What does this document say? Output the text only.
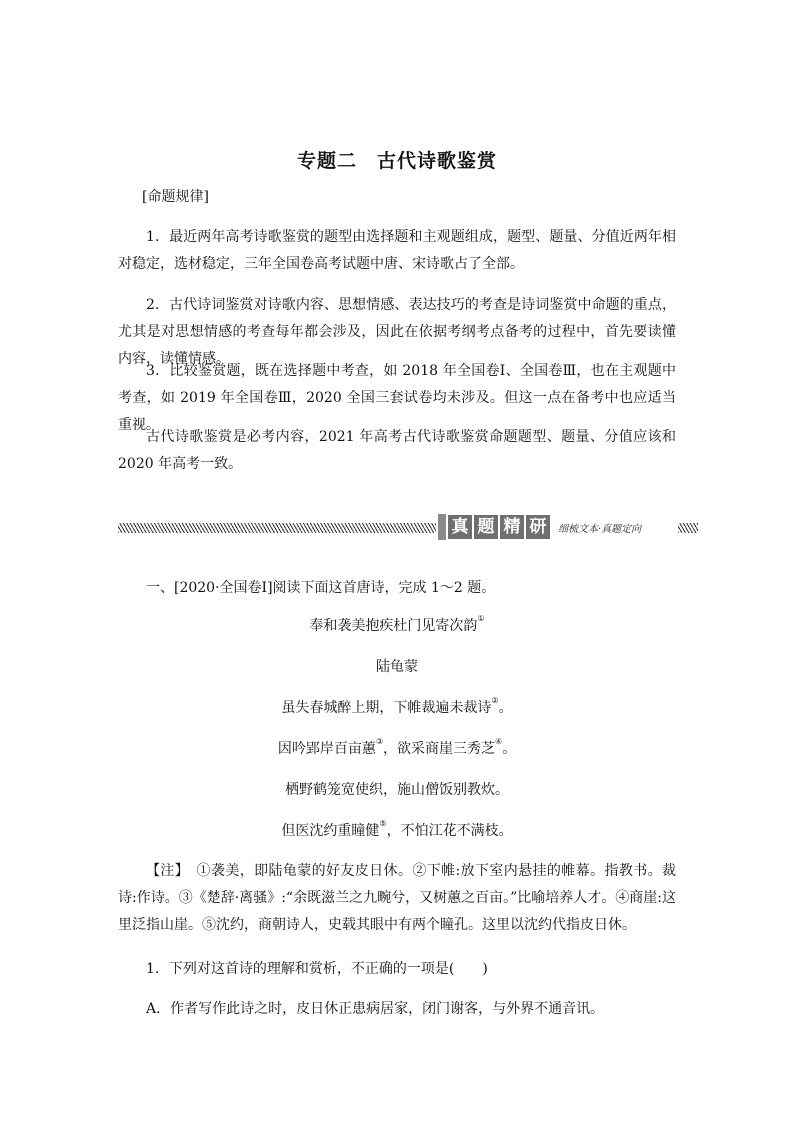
专题二　古代诗歌鉴赏

[命题规律]

1．最近两年高考诗歌鉴赏的题型由选择题和主观题组成，题型、题量、分值近两年相对稳定，选材稳定，三年全国卷高考试题中唐、宋诗歌占了全部。

2．古代诗词鉴赏对诗歌内容、思想情感、表达技巧的考查是诗词鉴赏中命题的重点，尤其是对思想情感的考查每年都会涉及，因此在依据考纲考点备考的过程中，首先要读懂内容，读懂情感。

3．比较鉴赏题，既在选择题中考查，如 2018 年全国卷Ⅰ、全国卷Ⅲ，也在主观题中考查，如 2019 年全国卷Ⅲ，2020 全国三套试卷均未涉及。但这一点在备考中也应适当重视。

古代诗歌鉴赏是必考内容，2021 年高考古代诗歌鉴赏命题题型、题量、分值应该和 2020 年高考一致。

真 题 精 研	细梳文本·真题定向

一、[2020·全国卷Ⅰ]阅读下面这首唐诗，完成 1～2 题。

奉和袭美抱疾杜门见寄次韵①

陆龟蒙

虽失春城醉上期，下帷裁遍未裁诗②。

因吟郢岸百亩蕙③，欲采商崖三秀芝④。

栖野鹤笼宽使织，施山僧饭别教炊。

但医沈约重瞳健⑤，不怕江花不满枝。

【注】　①袭美，即陆龟蒙的好友皮日休。②下帷:放下室内悬挂的帷幕。指教书。裁诗:作诗。③《楚辞·离骚》:“余既滋兰之九畹兮，又树蕙之百亩。”比喻培养人才。④商崖:这里泛指山崖。⑤沈约，商朝诗人，史载其眼中有两个瞳孔。这里以沈约代指皮日休。

1．下列对这首诗的理解和赏析，不正确的一项是(　　)

A．作者写作此诗之时，皮日休正患病居家，闭门谢客，与外界不通音讯。
